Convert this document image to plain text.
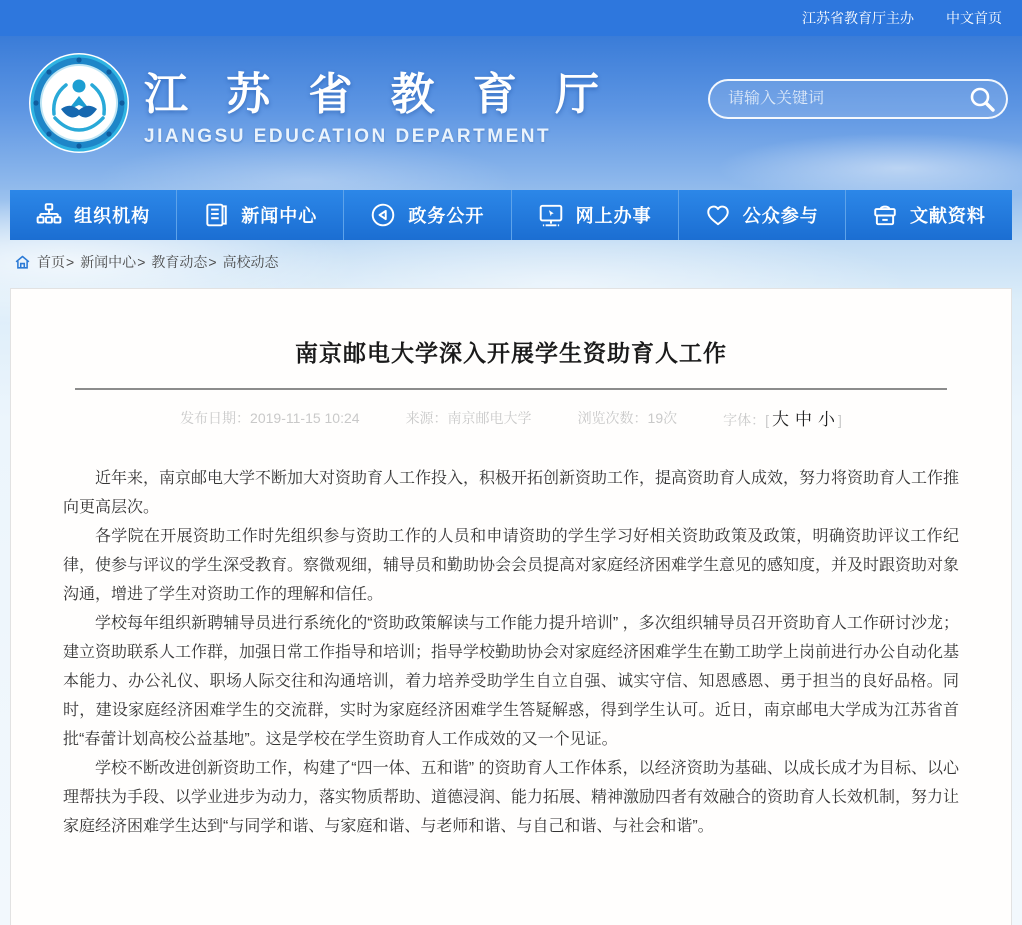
江苏省教育厅主办 中文首页
江 苏 省 教 育 厅
JIANGSU EDUCATION DEPARTMENT
请输入关键词
组织机构	新闻中心	政务公开	网上办事	公众参与	文献资料
首页 > 新闻中心 > 教育动态 > 高校动态
南京邮电大学深入开展学生资助育人工作
发布日期：2019-11-15 10:24	来源：南京邮电大学	浏览次数：19次	字体：[ 大 中 小 ]

近年来，南京邮电大学不断加大对资助育人工作投入，积极开拓创新资助工作，提高资助育人成效，努力将资助育人工作推向更高层次。

各学院在开展资助工作时先组织参与资助工作的人员和申请资助的学生学习好相关资助政策及政策，明确资助评议工作纪律，使参与评议的学生深受教育。察微观细，辅导员和勤助协会会员提高对家庭经济困难学生意见的感知度，并及时跟资助对象沟通，增进了学生对资助工作的理解和信任。

学校每年组织新聘辅导员进行系统化的“资助政策解读与工作能力提升培训” ，多次组织辅导员召开资助育人工作研讨沙龙；建立资助联系人工作群，加强日常工作指导和培训；指导学校勤助协会对家庭经济困难学生在勤工助学上岗前进行办公自动化基本能力、办公礼仪、职场人际交往和沟通培训，着力培养受助学生自立自强、诚实守信、知恩感恩、勇于担当的良好品格。同时，建设家庭经济困难学生的交流群，实时为家庭经济困难学生答疑解惑，得到学生认可。近日，南京邮电大学成为江苏省首批“春蕾计划高校公益基地”。这是学校在学生资助育人工作成效的又一个见证。

学校不断改进创新资助工作，构建了“四一体、五和谐” 的资助育人工作体系，以经济资助为基础、以成长成才为目标、以心理帮扶为手段、以学业进步为动力，落实物质帮助、道德浸润、能力拓展、精神激励四者有效融合的资助育人长效机制，努力让家庭经济困难学生达到“与同学和谐、与家庭和谐、与老师和谐、与自己和谐、与社会和谐”。
